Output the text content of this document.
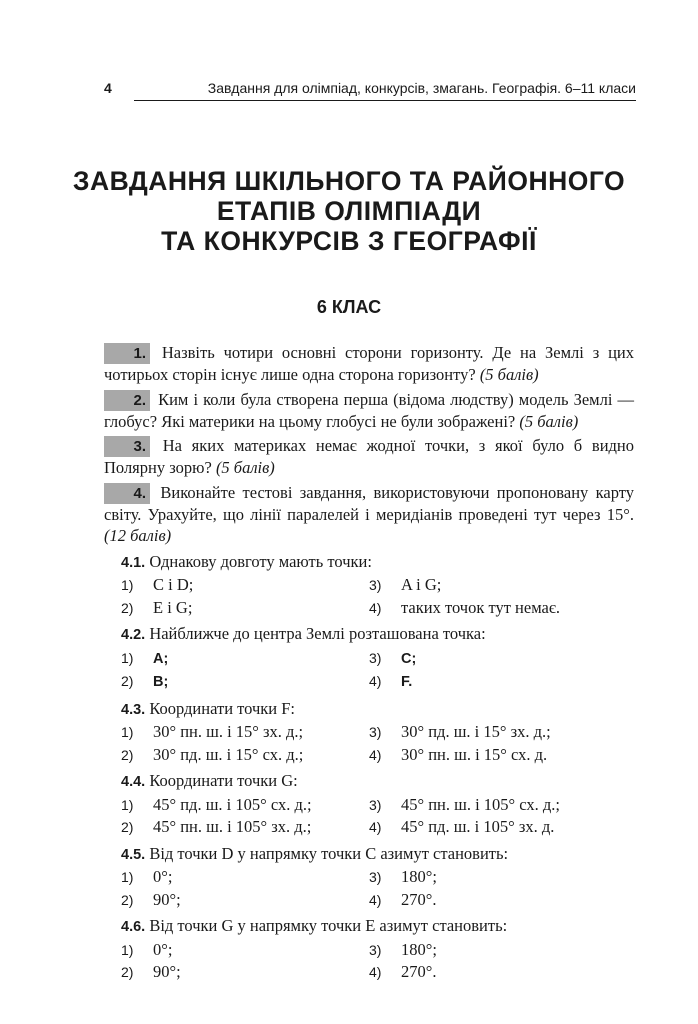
4	Завдання для олімпіад, конкурсів, змагань. Географія. 6–11 класи
ЗАВДАННЯ ШКІЛЬНОГО ТА РАЙОННОГО
ЕТАПІВ ОЛІМПІАДИ
ТА КОНКУРСІВ З ГЕОГРАФІЇ
6 КЛАС
1. Назвіть чотири основні сторони горизонту. Де на Землі з цих чотирьох сторін існує лише одна сторона горизонту? (5 балів)
2. Ким і коли була створена перша (відома людству) модель Землі — глобус? Які материки на цьому глобусі не були зображені? (5 балів)
3. На яких материках немає жодної точки, з якої було б видно Полярну зорю? (5 балів)
4. Виконайте тестові завдання, використовуючи пропоновану карту світу. Урахуйте, що лінії паралелей і меридіанів проведені тут через 15°. (12 балів)
4.1. Однакову довготу мають точки:
1) C і D;	3) A і G;
2) E і G;	4) таких точок тут немає.
4.2. Найближче до центра Землі розташована точка:
1) A;	3) C;
2) B;	4) F.
4.3. Координати точки F:
1) 30° пн. ш. і 15° зх. д.;	3) 30° пд. ш. і 15° зх. д.;
2) 30° пд. ш. і 15° сх. д.;	4) 30° пн. ш. і 15° сх. д.
4.4. Координати точки G:
1) 45° пд. ш. і 105° сх. д.;	3) 45° пн. ш. і 105° сх. д.;
2) 45° пн. ш. і 105° зх. д.;	4) 45° пд. ш. і 105° зх. д.
4.5. Від точки D у напрямку точки C азимут становить:
1) 0°;	3) 180°;
2) 90°;	4) 270°.
4.6. Від точки G у напрямку точки E азимут становить:
1) 0°;	3) 180°;
2) 90°;	4) 270°.
